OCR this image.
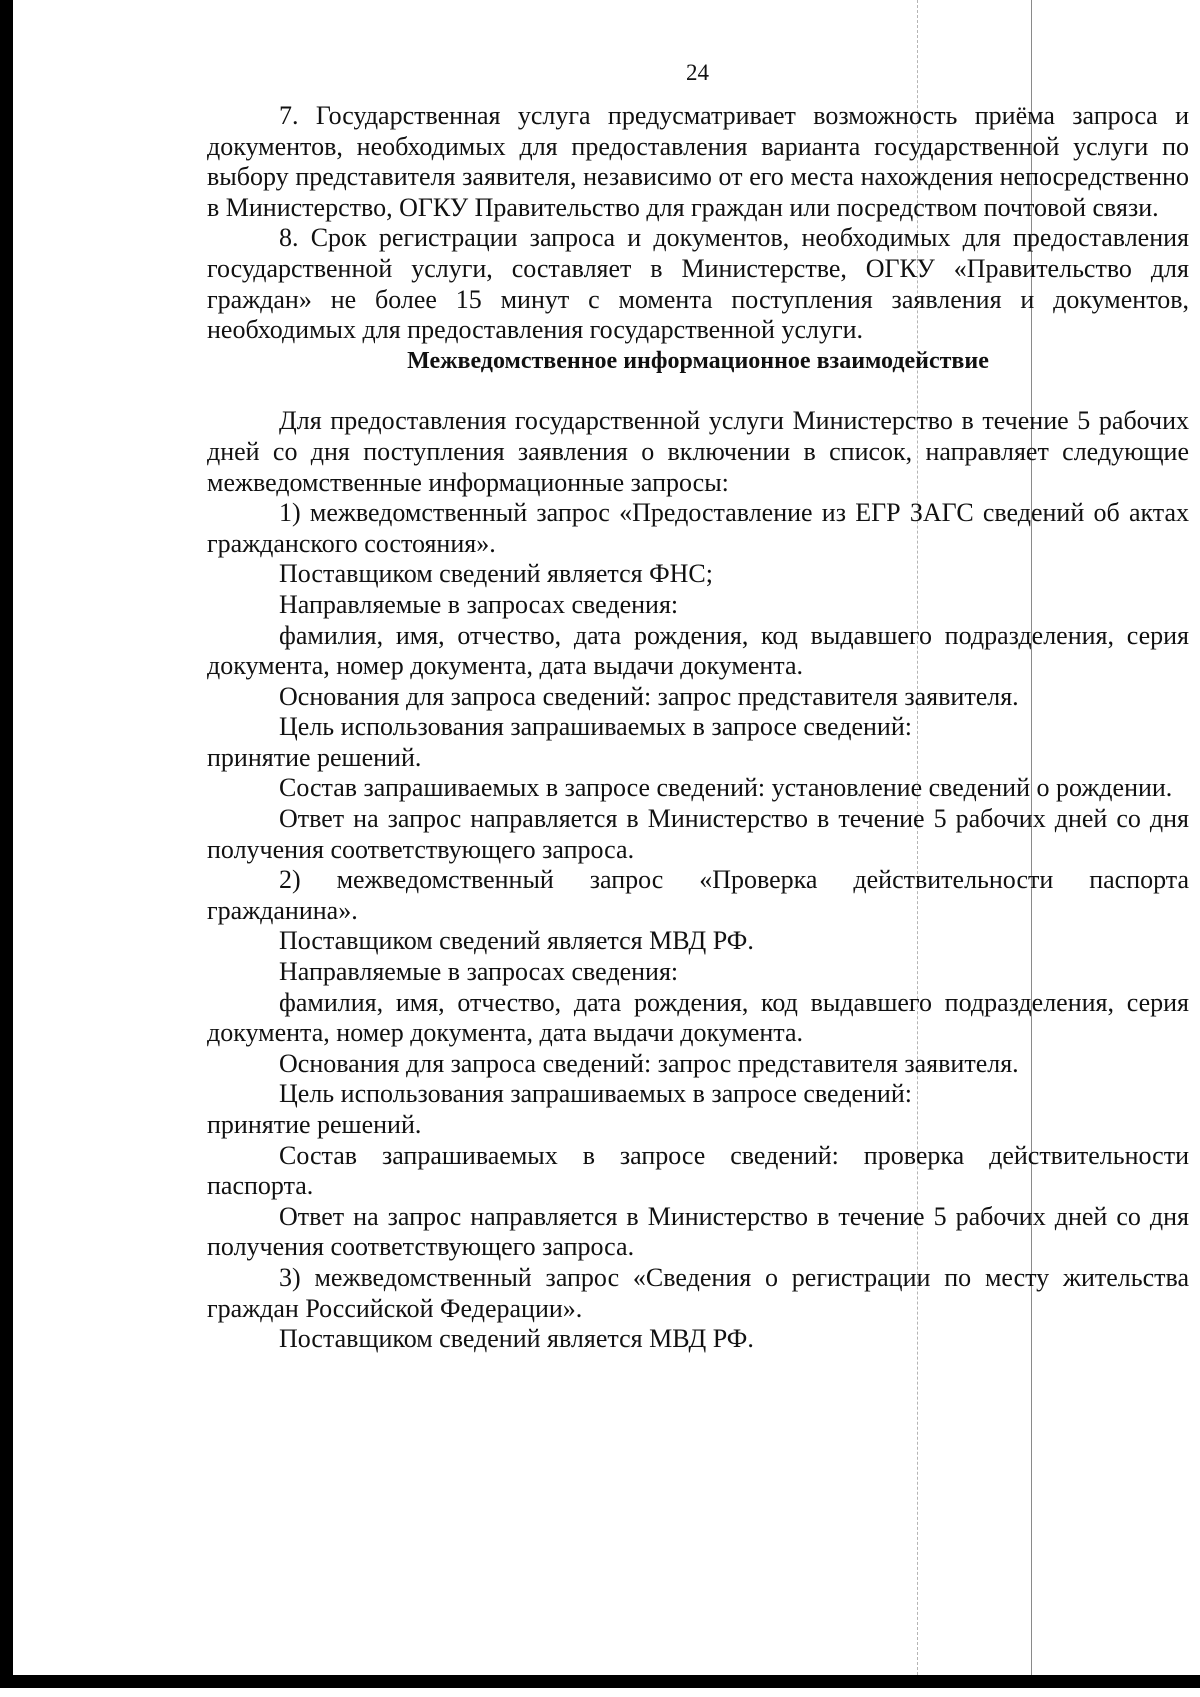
24

7. Государственная услуга предусматривает возможность приёма запроса и документов, необходимых для предоставления варианта государственной услуги по выбору представителя заявителя, независимо от его места нахождения непосредственно в Министерство, ОГКУ Правительство для граждан или посредством почтовой связи.

8. Срок регистрации запроса и документов, необходимых для предоставления государственной услуги, составляет в Министерстве, ОГКУ «Правительство для граждан» не более 15 минут с момента поступления заявления и документов, необходимых для предоставления государственной услуги.

Межведомственное информационное взаимодействие

Для предоставления государственной услуги Министерство в течение 5 рабочих дней со дня поступления заявления о включении в список, направляет следующие межведомственные информационные запросы:

1) межведомственный запрос «Предоставление из ЕГР ЗАГС сведений об актах гражданского состояния».

Поставщиком сведений является ФНС;

Направляемые в запросах сведения:

фамилия, имя, отчество, дата рождения, код выдавшего подразделения, серия документа, номер документа, дата выдачи документа.

Основания для запроса сведений: запрос представителя заявителя.

Цель использования запрашиваемых в запросе сведений:

принятие решений.

Состав запрашиваемых в запросе сведений: установление сведений о рождении.

Ответ на запрос направляется в Министерство в течение 5 рабочих дней со дня получения соответствующего запроса.

2) межведомственный запрос «Проверка действительности паспорта гражданина».

Поставщиком сведений является МВД РФ.

Направляемые в запросах сведения:

фамилия, имя, отчество, дата рождения, код выдавшего подразделения, серия документа, номер документа, дата выдачи документа.

Основания для запроса сведений: запрос представителя заявителя.

Цель использования запрашиваемых в запросе сведений:

принятие решений.

Состав запрашиваемых в запросе сведений: проверка действительности паспорта.

Ответ на запрос направляется в Министерство в течение 5 рабочих дней со дня получения соответствующего запроса.

3) межведомственный запрос «Сведения о регистрации по месту жительства граждан Российской Федерации».

Поставщиком сведений является МВД РФ.
